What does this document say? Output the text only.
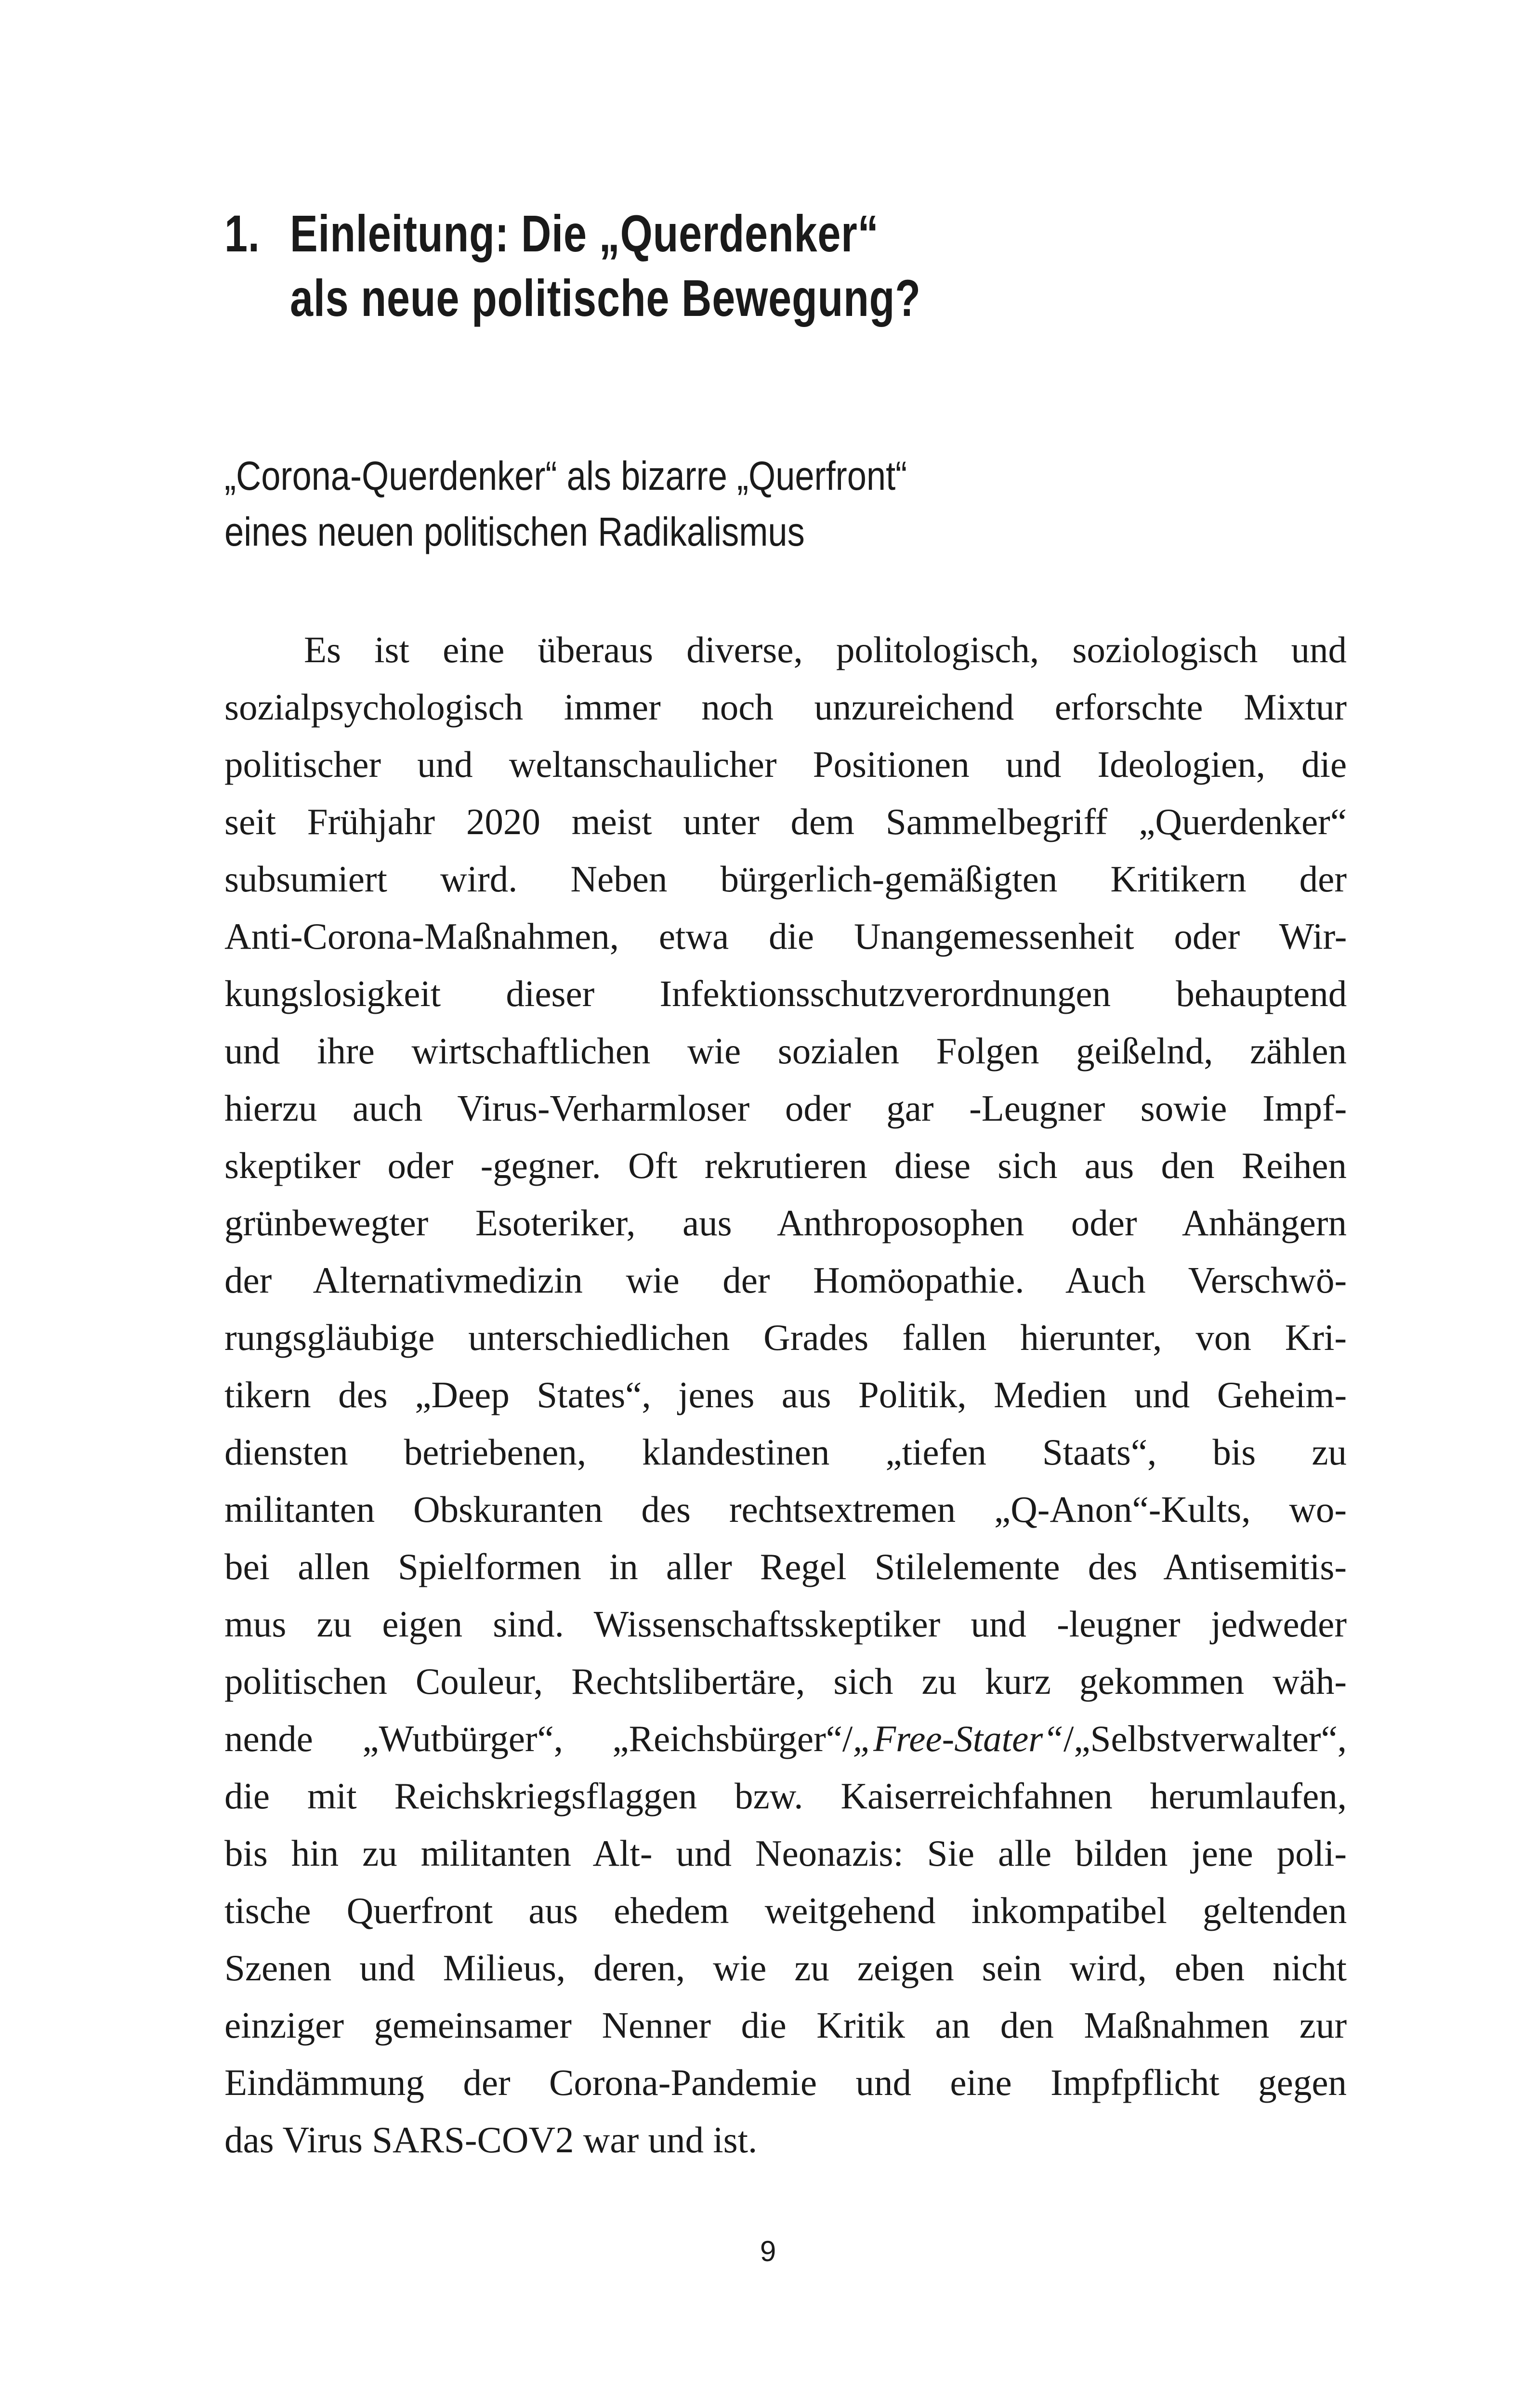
1. Einleitung: Die „Querdenker“
als neue politische Bewegung?
„Corona-Querdenker“ als bizarre „Querfront“
eines neuen politischen Radikalismus
Es ist eine überaus diverse, politologisch, soziologisch und
sozialpsychologisch immer noch unzureichend erforschte Mixtur
politischer und weltanschaulicher Positionen und Ideologien, die
seit Frühjahr 2020 meist unter dem Sammelbegriff „Querdenker“
subsumiert wird. Neben bürgerlich-gemäßigten Kritikern der
Anti-Corona-Maßnahmen, etwa die Unangemessenheit oder Wir-
kungslosigkeit dieser Infektionsschutzverordnungen behauptend
und ihre wirtschaftlichen wie sozialen Folgen geißelnd, zählen
hierzu auch Virus-Verharmloser oder gar -Leugner sowie Impf-
skeptiker oder -gegner. Oft rekrutieren diese sich aus den Reihen
grünbewegter Esoteriker, aus Anthroposophen oder Anhängern
der Alternativmedizin wie der Homöopathie. Auch Verschwö-
rungsgläubige unterschiedlichen Grades fallen hierunter, von Kri-
tikern des „Deep States“, jenes aus Politik, Medien und Geheim-
diensten betriebenen, klandestinen „tiefen Staats“, bis zu
militanten Obskuranten des rechtsextremen „Q-Anon“-Kults, wo-
bei allen Spielformen in aller Regel Stilelemente des Antisemitis-
mus zu eigen sind. Wissenschaftsskeptiker und -leugner jedweder
politischen Couleur, Rechtslibertäre, sich zu kurz gekommen wäh-
nende „Wutbürger“, „Reichsbürger“/„Free-Stater“/„Selbstverwalter“,
die mit Reichskriegsflaggen bzw. Kaiserreichfahnen herumlaufen,
bis hin zu militanten Alt- und Neonazis: Sie alle bilden jene poli-
tische Querfront aus ehedem weitgehend inkompatibel geltenden
Szenen und Milieus, deren, wie zu zeigen sein wird, eben nicht
einziger gemeinsamer Nenner die Kritik an den Maßnahmen zur
Eindämmung der Corona-Pandemie und eine Impfpflicht gegen
das Virus SARS-COV2 war und ist.
9
